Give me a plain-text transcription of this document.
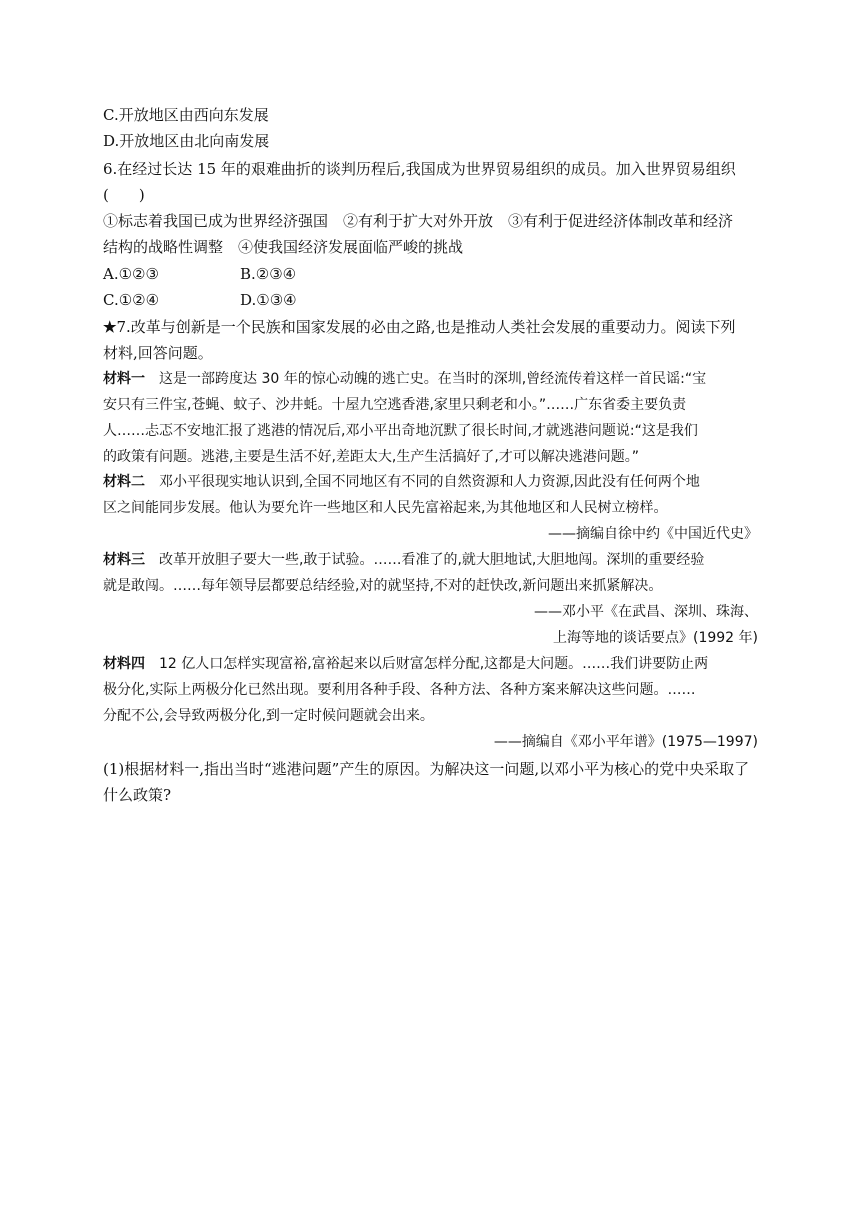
C.开放地区由西向东发展
D.开放地区由北向南发展
6.在经过长达 15 年的艰难曲折的谈判历程后,我国成为世界贸易组织的成员。加入世界贸易组织
(　　)
①标志着我国已成为世界经济强国　②有利于扩大对外开放　③有利于促进经济体制改革和经济
结构的战略性调整　④使我国经济发展面临严峻的挑战
A.①②③	B.②③④
C.①②④	D.①③④
★7.改革与创新是一个民族和国家发展的必由之路,也是推动人类社会发展的重要动力。阅读下列
材料,回答问题。
材料一 这是一部跨度达 30 年的惊心动魄的逃亡史。在当时的深圳,曾经流传着这样一首民谣:“宝
安只有三件宝,苍蝇、蚊子、沙井蚝。十屋九空逃香港,家里只剩老和小。”……广东省委主要负责
人……忐忑不安地汇报了逃港的情况后,邓小平出奇地沉默了很长时间,才就逃港问题说:“这是我们
的政策有问题。逃港,主要是生活不好,差距太大,生产生活搞好了,才可以解决逃港问题。”
材料二 邓小平很现实地认识到,全国不同地区有不同的自然资源和人力资源,因此没有任何两个地
区之间能同步发展。他认为要允许一些地区和人民先富裕起来,为其他地区和人民树立榜样。
——摘编自徐中约《中国近代史》
材料三 改革开放胆子要大一些,敢于试验。……看准了的,就大胆地试,大胆地闯。深圳的重要经验
就是敢闯。……每年领导层都要总结经验,对的就坚持,不对的赶快改,新问题出来抓紧解决。
——邓小平《在武昌、深圳、珠海、
上海等地的谈话要点》(1992 年)
材料四 12 亿人口怎样实现富裕,富裕起来以后财富怎样分配,这都是大问题。……我们讲要防止两
极分化,实际上两极分化已然出现。要利用各种手段、各种方法、各种方案来解决这些问题。……
分配不公,会导致两极分化,到一定时候问题就会出来。
——摘编自《邓小平年谱》(1975—1997)
(1)根据材料一,指出当时“逃港问题”产生的原因。为解决这一问题,以邓小平为核心的党中央采取了
什么政策?
